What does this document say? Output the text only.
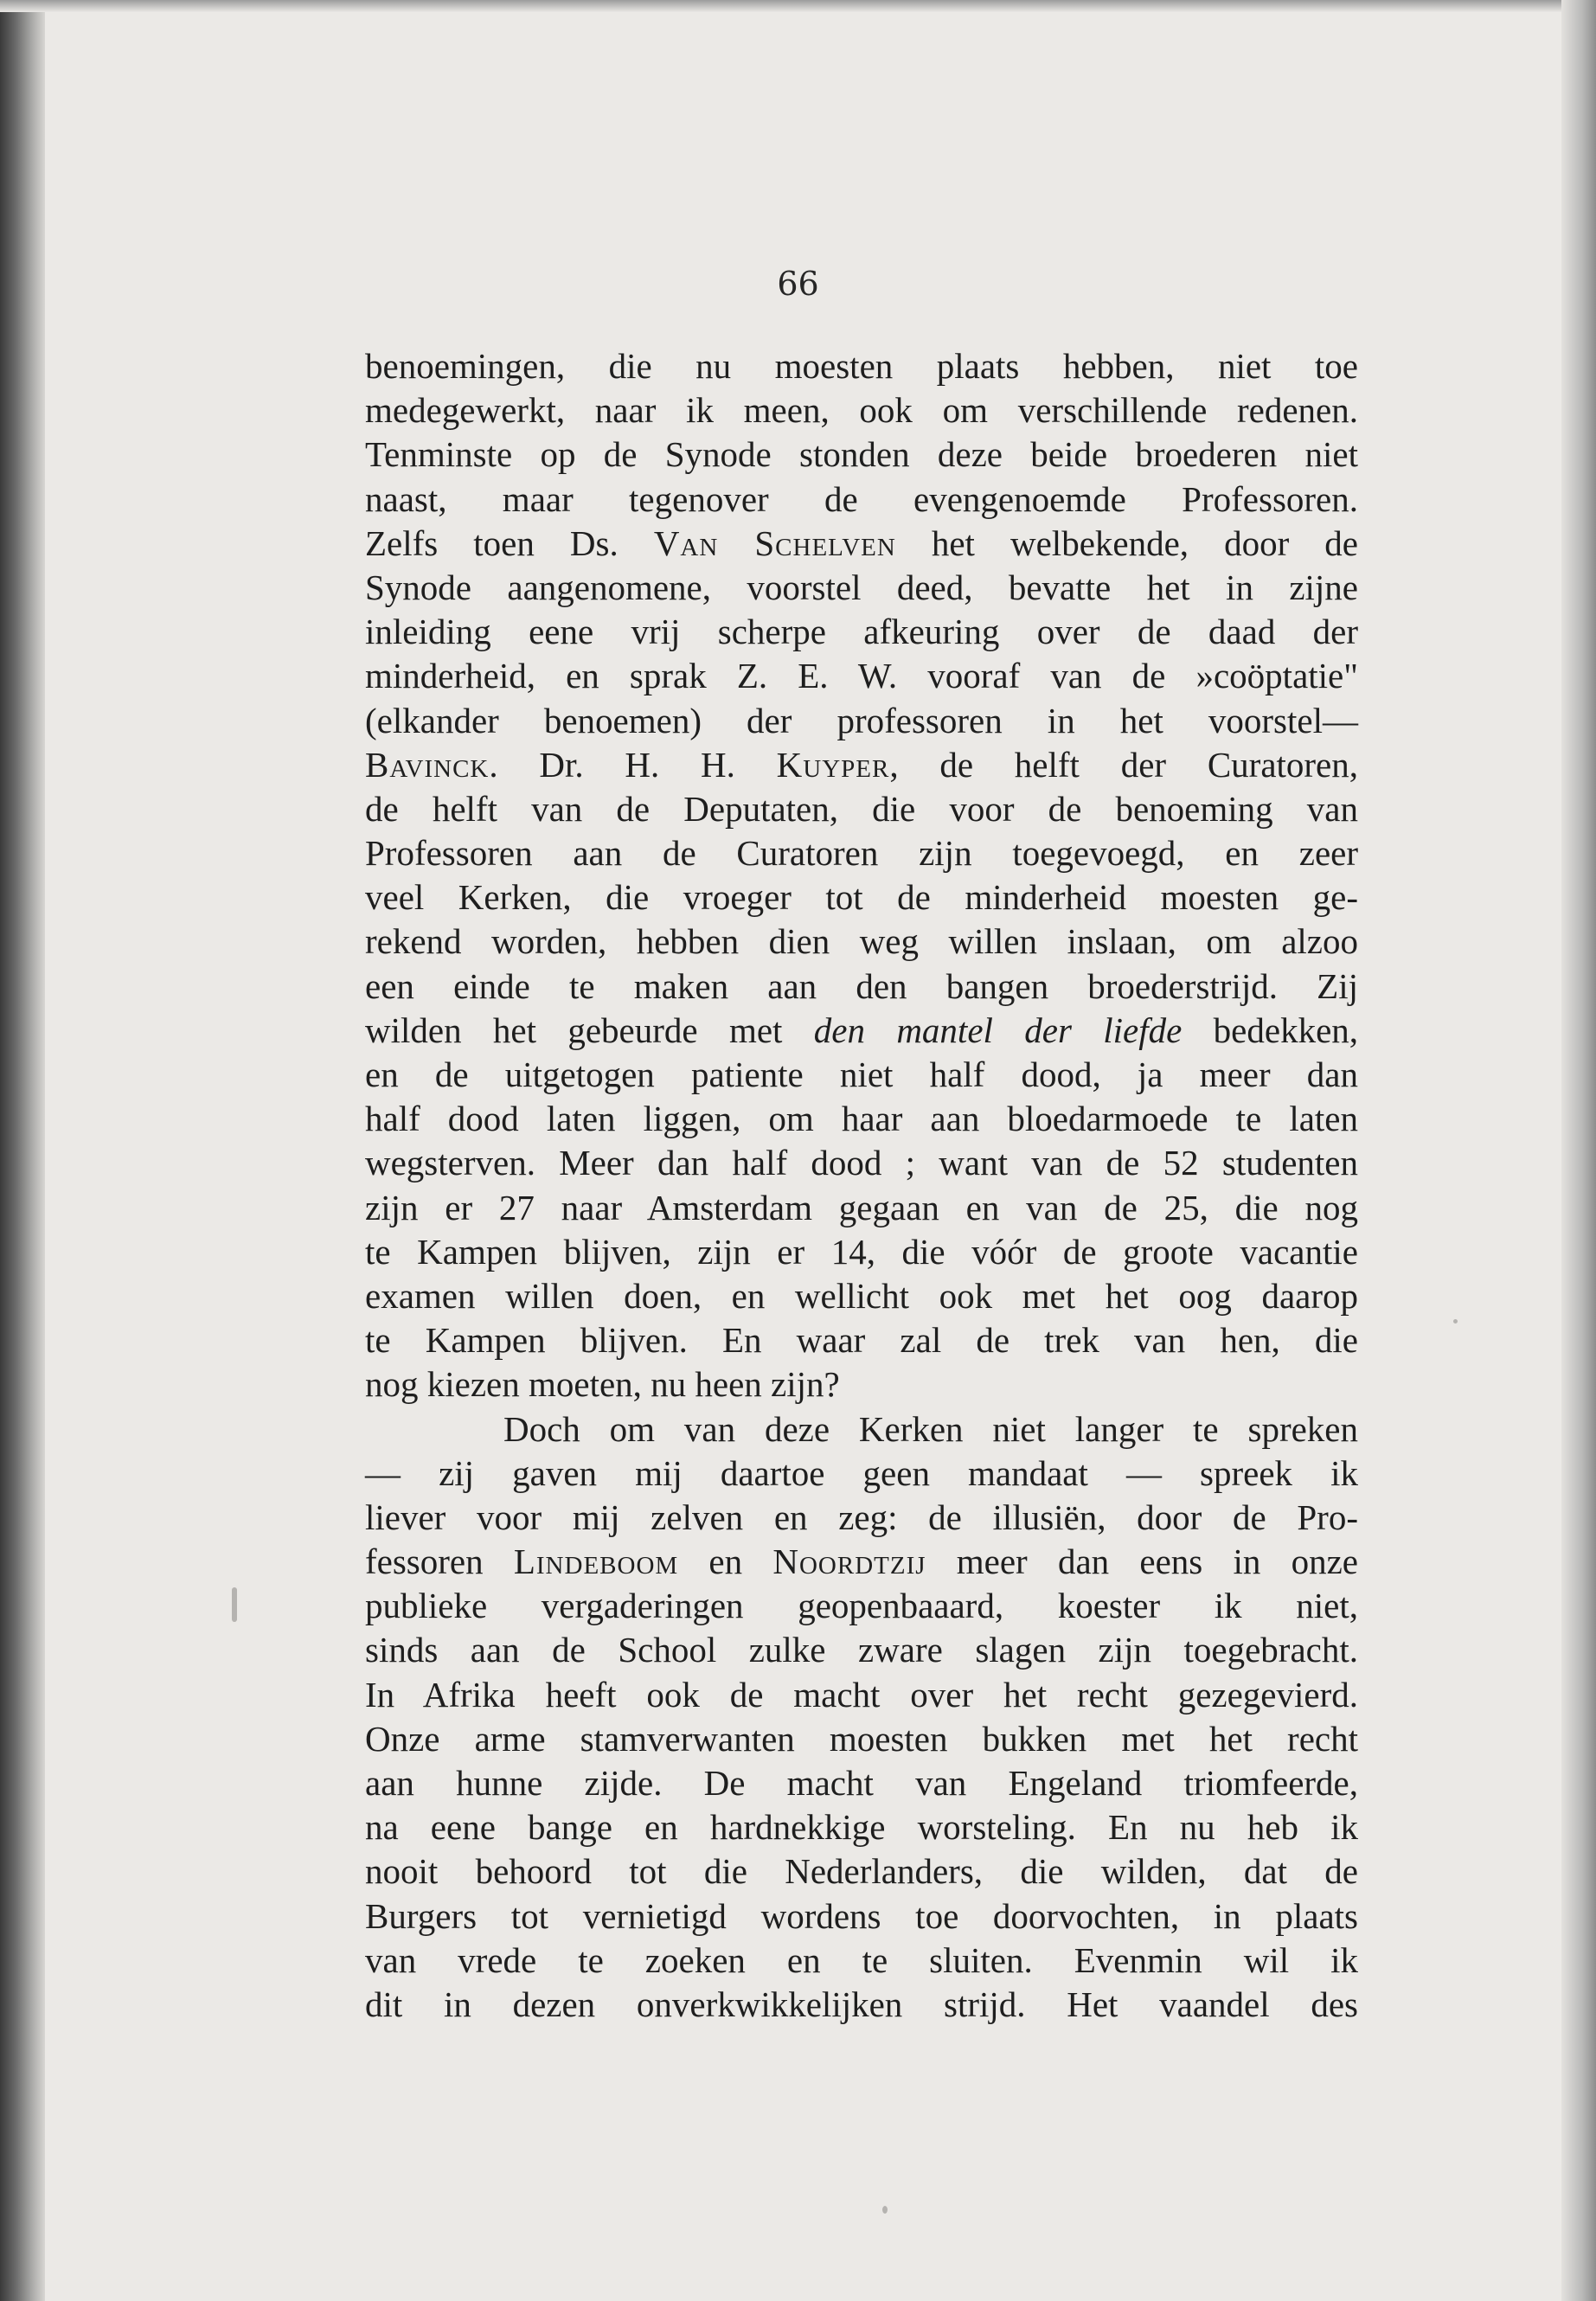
66
benoemingen, die nu moesten plaats hebben, niet toe
medegewerkt, naar ik meen, ook om verschillende redenen.
Tenminste op de Synode stonden deze beide broederen niet
naast, maar tegenover de evengenoemde Professoren.
Zelfs toen Ds. Van Schelven het welbekende, door de
Synode aangenomene, voorstel deed, bevatte het in zijne
inleiding eene vrij scherpe afkeuring over de daad der
minderheid, en sprak Z. E. W. vooraf van de »coöptatie"
(elkander benoemen) der professoren in het voorstel—
Bavinck. Dr. H. H. Kuyper, de helft der Curatoren,
de helft van de Deputaten, die voor de benoeming van
Professoren aan de Curatoren zijn toegevoegd, en zeer
veel Kerken, die vroeger tot de minderheid moesten ge-
rekend worden, hebben dien weg willen inslaan, om alzoo
een einde te maken aan den bangen broederstrijd. Zij
wilden het gebeurde met den mantel der liefde bedekken,
en de uitgetogen patiente niet half dood, ja meer dan
half dood laten liggen, om haar aan bloedarmoede te laten
wegsterven. Meer dan half dood ; want van de 52 studenten
zijn er 27 naar Amsterdam gegaan en van de 25, die nog
te Kampen blijven, zijn er 14, die vóór de groote vacantie
examen willen doen, en wellicht ook met het oog daarop
te Kampen blijven. En waar zal de trek van hen, die
nog kiezen moeten, nu heen zijn?
Doch om van deze Kerken niet langer te spreken
— zij gaven mij daartoe geen mandaat — spreek ik
liever voor mij zelven en zeg: de illusiën, door de Pro-
fessoren Lindeboom en Noordtzij meer dan eens in onze
publieke vergaderingen geopenbaaard, koester ik niet,
sinds aan de School zulke zware slagen zijn toegebracht.
In Afrika heeft ook de macht over het recht gezegevierd.
Onze arme stamverwanten moesten bukken met het recht
aan hunne zijde. De macht van Engeland triomfeerde,
na eene bange en hardnekkige worsteling. En nu heb ik
nooit behoord tot die Nederlanders, die wilden, dat de
Burgers tot vernietigd wordens toe doorvochten, in plaats
van vrede te zoeken en te sluiten. Evenmin wil ik
dit in dezen onverkwikkelijken strijd. Het vaandel des
